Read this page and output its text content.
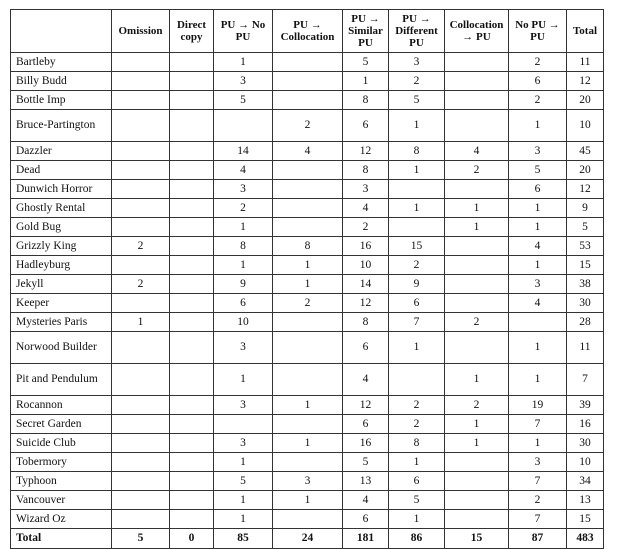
	Omission	Direct copy	PU → No PU	PU → Collocation	PU → Similar PU	PU → Different PU	Collocation → PU	No PU → PU	Total
Bartleby			1		5	3		2	11
Billy Budd			3		1	2		6	12
Bottle Imp			5		8	5		2	20
Bruce-Partington				2	6	1		1	10
Dazzler			14	4	12	8	4	3	45
Dead			4		8	1	2	5	20
Dunwich Horror			3		3			6	12
Ghostly Rental			2		4	1	1	1	9
Gold Bug			1		2		1	1	5
Grizzly King	2		8	8	16	15		4	53
Hadleyburg			1	1	10	2		1	15
Jekyll	2		9	1	14	9		3	38
Keeper			6	2	12	6		4	30
Mysteries Paris	1		10		8	7	2		28
Norwood Builder			3		6	1		1	11
Pit and Pendulum			1		4		1	1	7
Rocannon			3	1	12	2	2	19	39
Secret Garden					6	2	1	7	16
Suicide Club			3	1	16	8	1	1	30
Tobermory			1		5	1		3	10
Typhoon			5	3	13	6		7	34
Vancouver			1	1	4	5		2	13
Wizard Oz			1		6	1		7	15
Total	5	0	85	24	181	86	15	87	483
